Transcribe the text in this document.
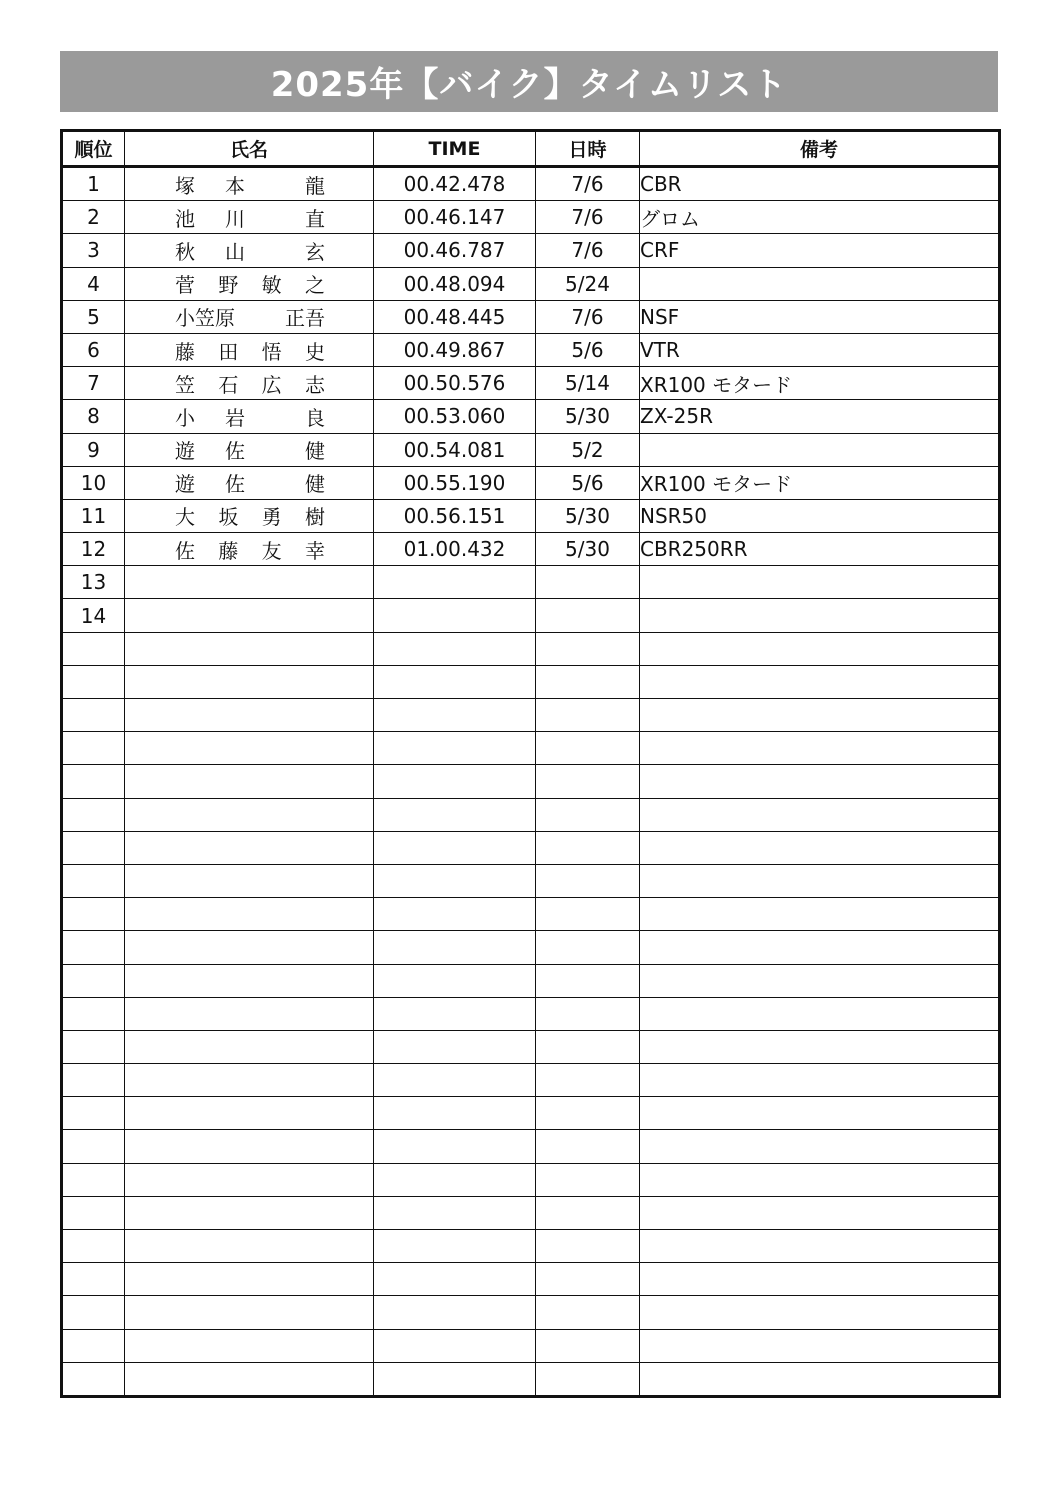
2025年【バイク】タイムリスト
順位	氏名	TIME	日時	備考
1	塚 本 龍	00.42.478	7/6	CBR
2	池 川 直	00.46.147	7/6	グロム
3	秋 山 玄	00.46.787	7/6	CRF
4	菅 野 敏 之	00.48.094	5/24	
5	小笠原 正吾	00.48.445	7/6	NSF
6	藤 田 悟 史	00.49.867	5/6	VTR
7	笠 石 広 志	00.50.576	5/14	XR100 モタード
8	小 岩 良	00.53.060	5/30	ZX-25R
9	遊 佐 健	00.54.081	5/2	
10	遊 佐 健	00.55.190	5/6	XR100 モタード
11	大 坂 勇 樹	00.56.151	5/30	NSR50
12	佐 藤 友 幸	01.00.432	5/30	CBR250RR
13	

14	
